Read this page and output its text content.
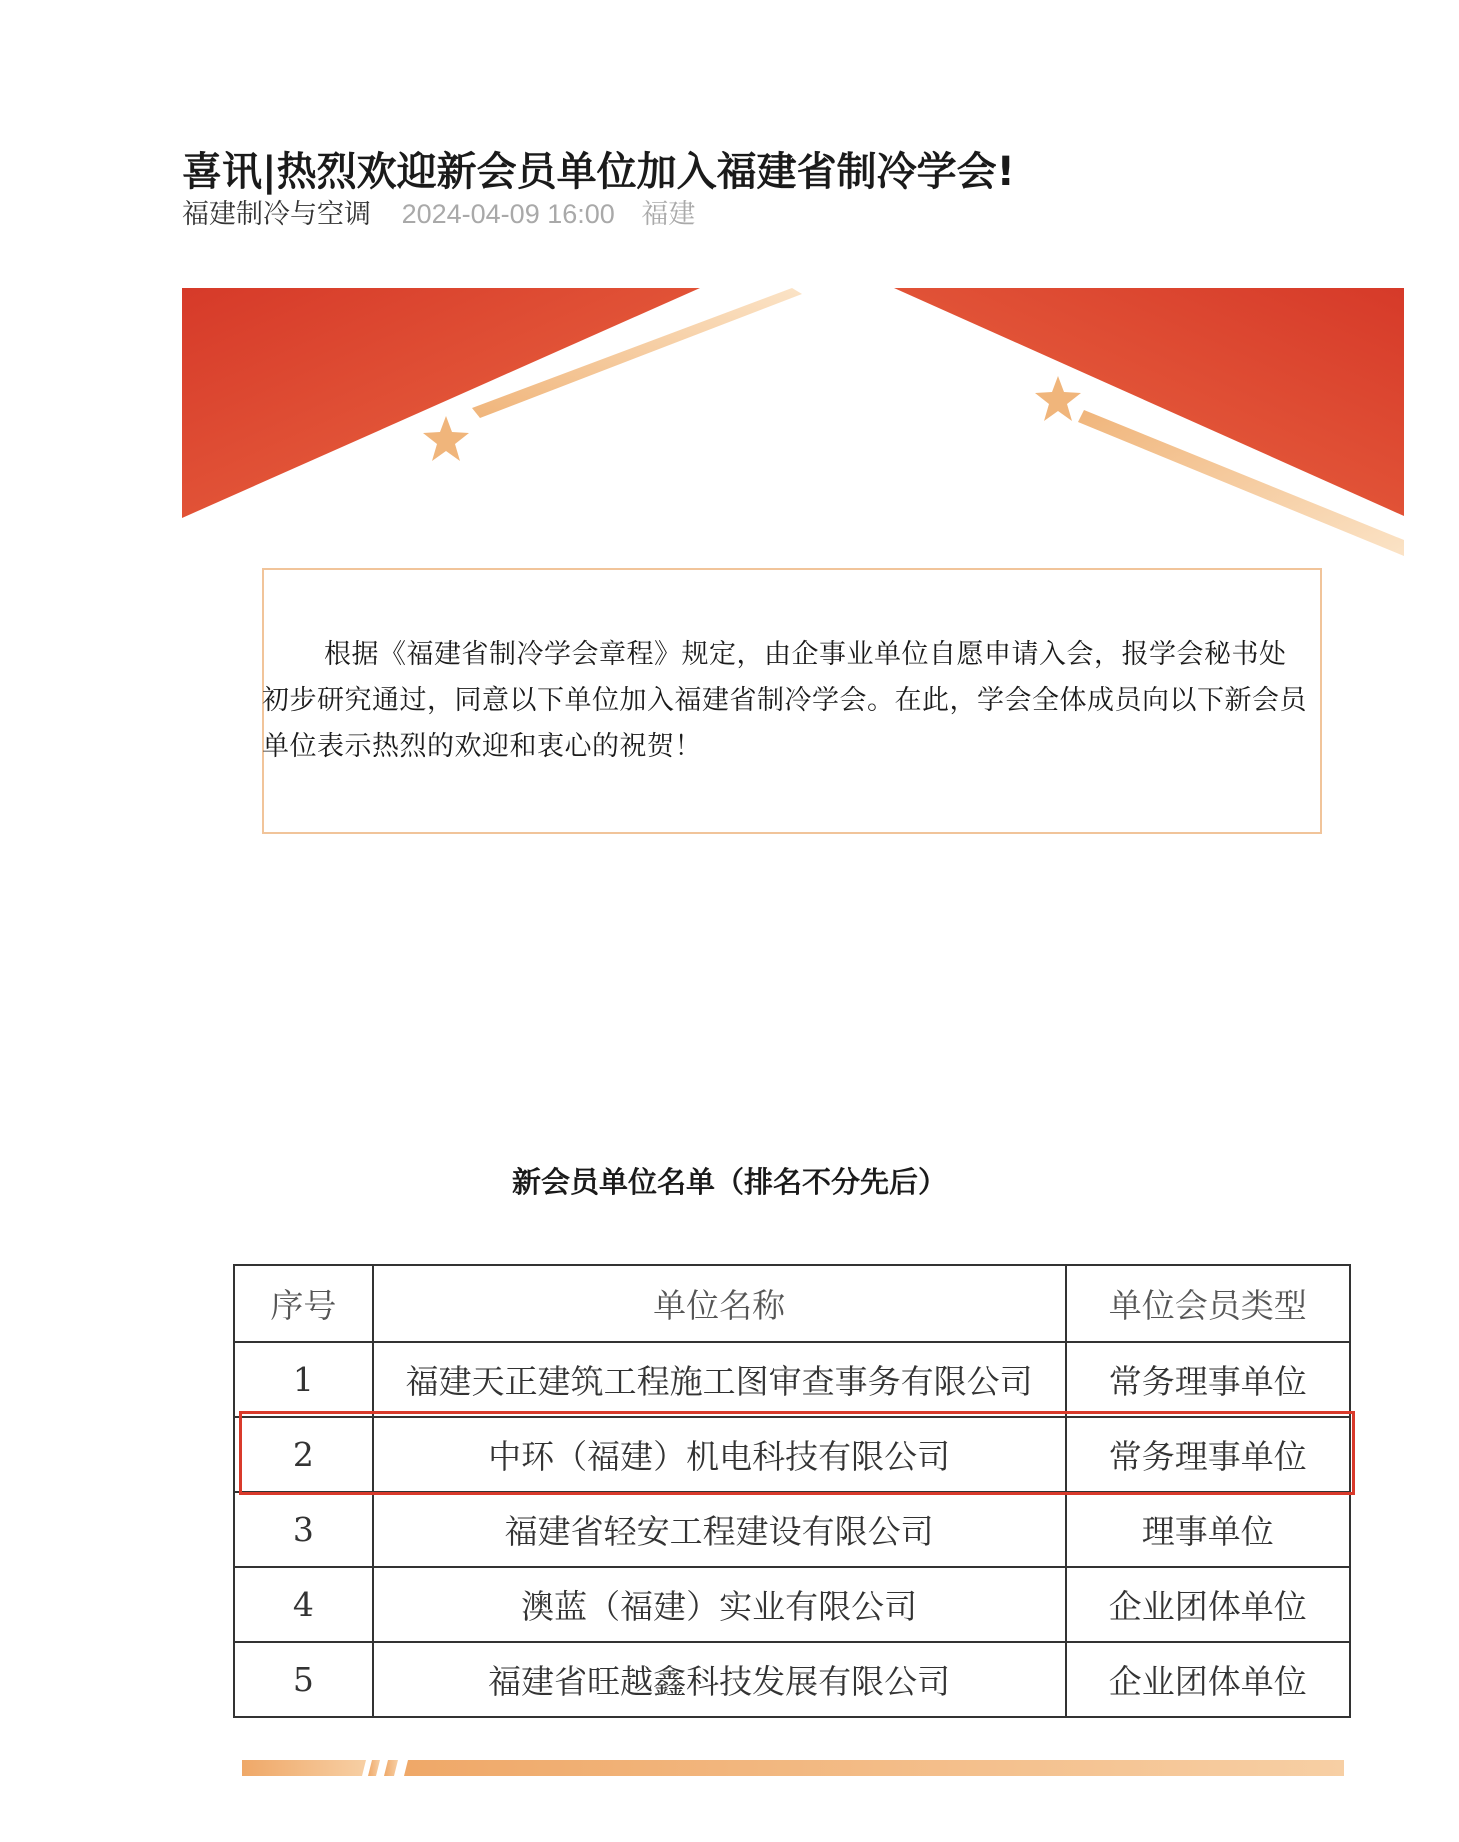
喜讯|热烈欢迎新会员单位加入福建省制冷学会!
福建制冷与空调 2024-04-09 16:00 福建

根据《福建省制冷学会章程》规定，由企事业单位自愿申请入会，报学会秘书处初步研究通过，同意以下单位加入福建省制冷学会。在此，学会全体成员向以下新会员单位表示热烈的欢迎和衷心的祝贺！

新会员单位名单（排名不分先后）
序号	单位名称	单位会员类型
1	福建天正建筑工程施工图审查事务有限公司	常务理事单位
2	中环（福建）机电科技有限公司	常务理事单位
3	福建省轻安工程建设有限公司	理事单位
4	澳蓝（福建）实业有限公司	企业团体单位
5	福建省旺越鑫科技发展有限公司	企业团体单位
